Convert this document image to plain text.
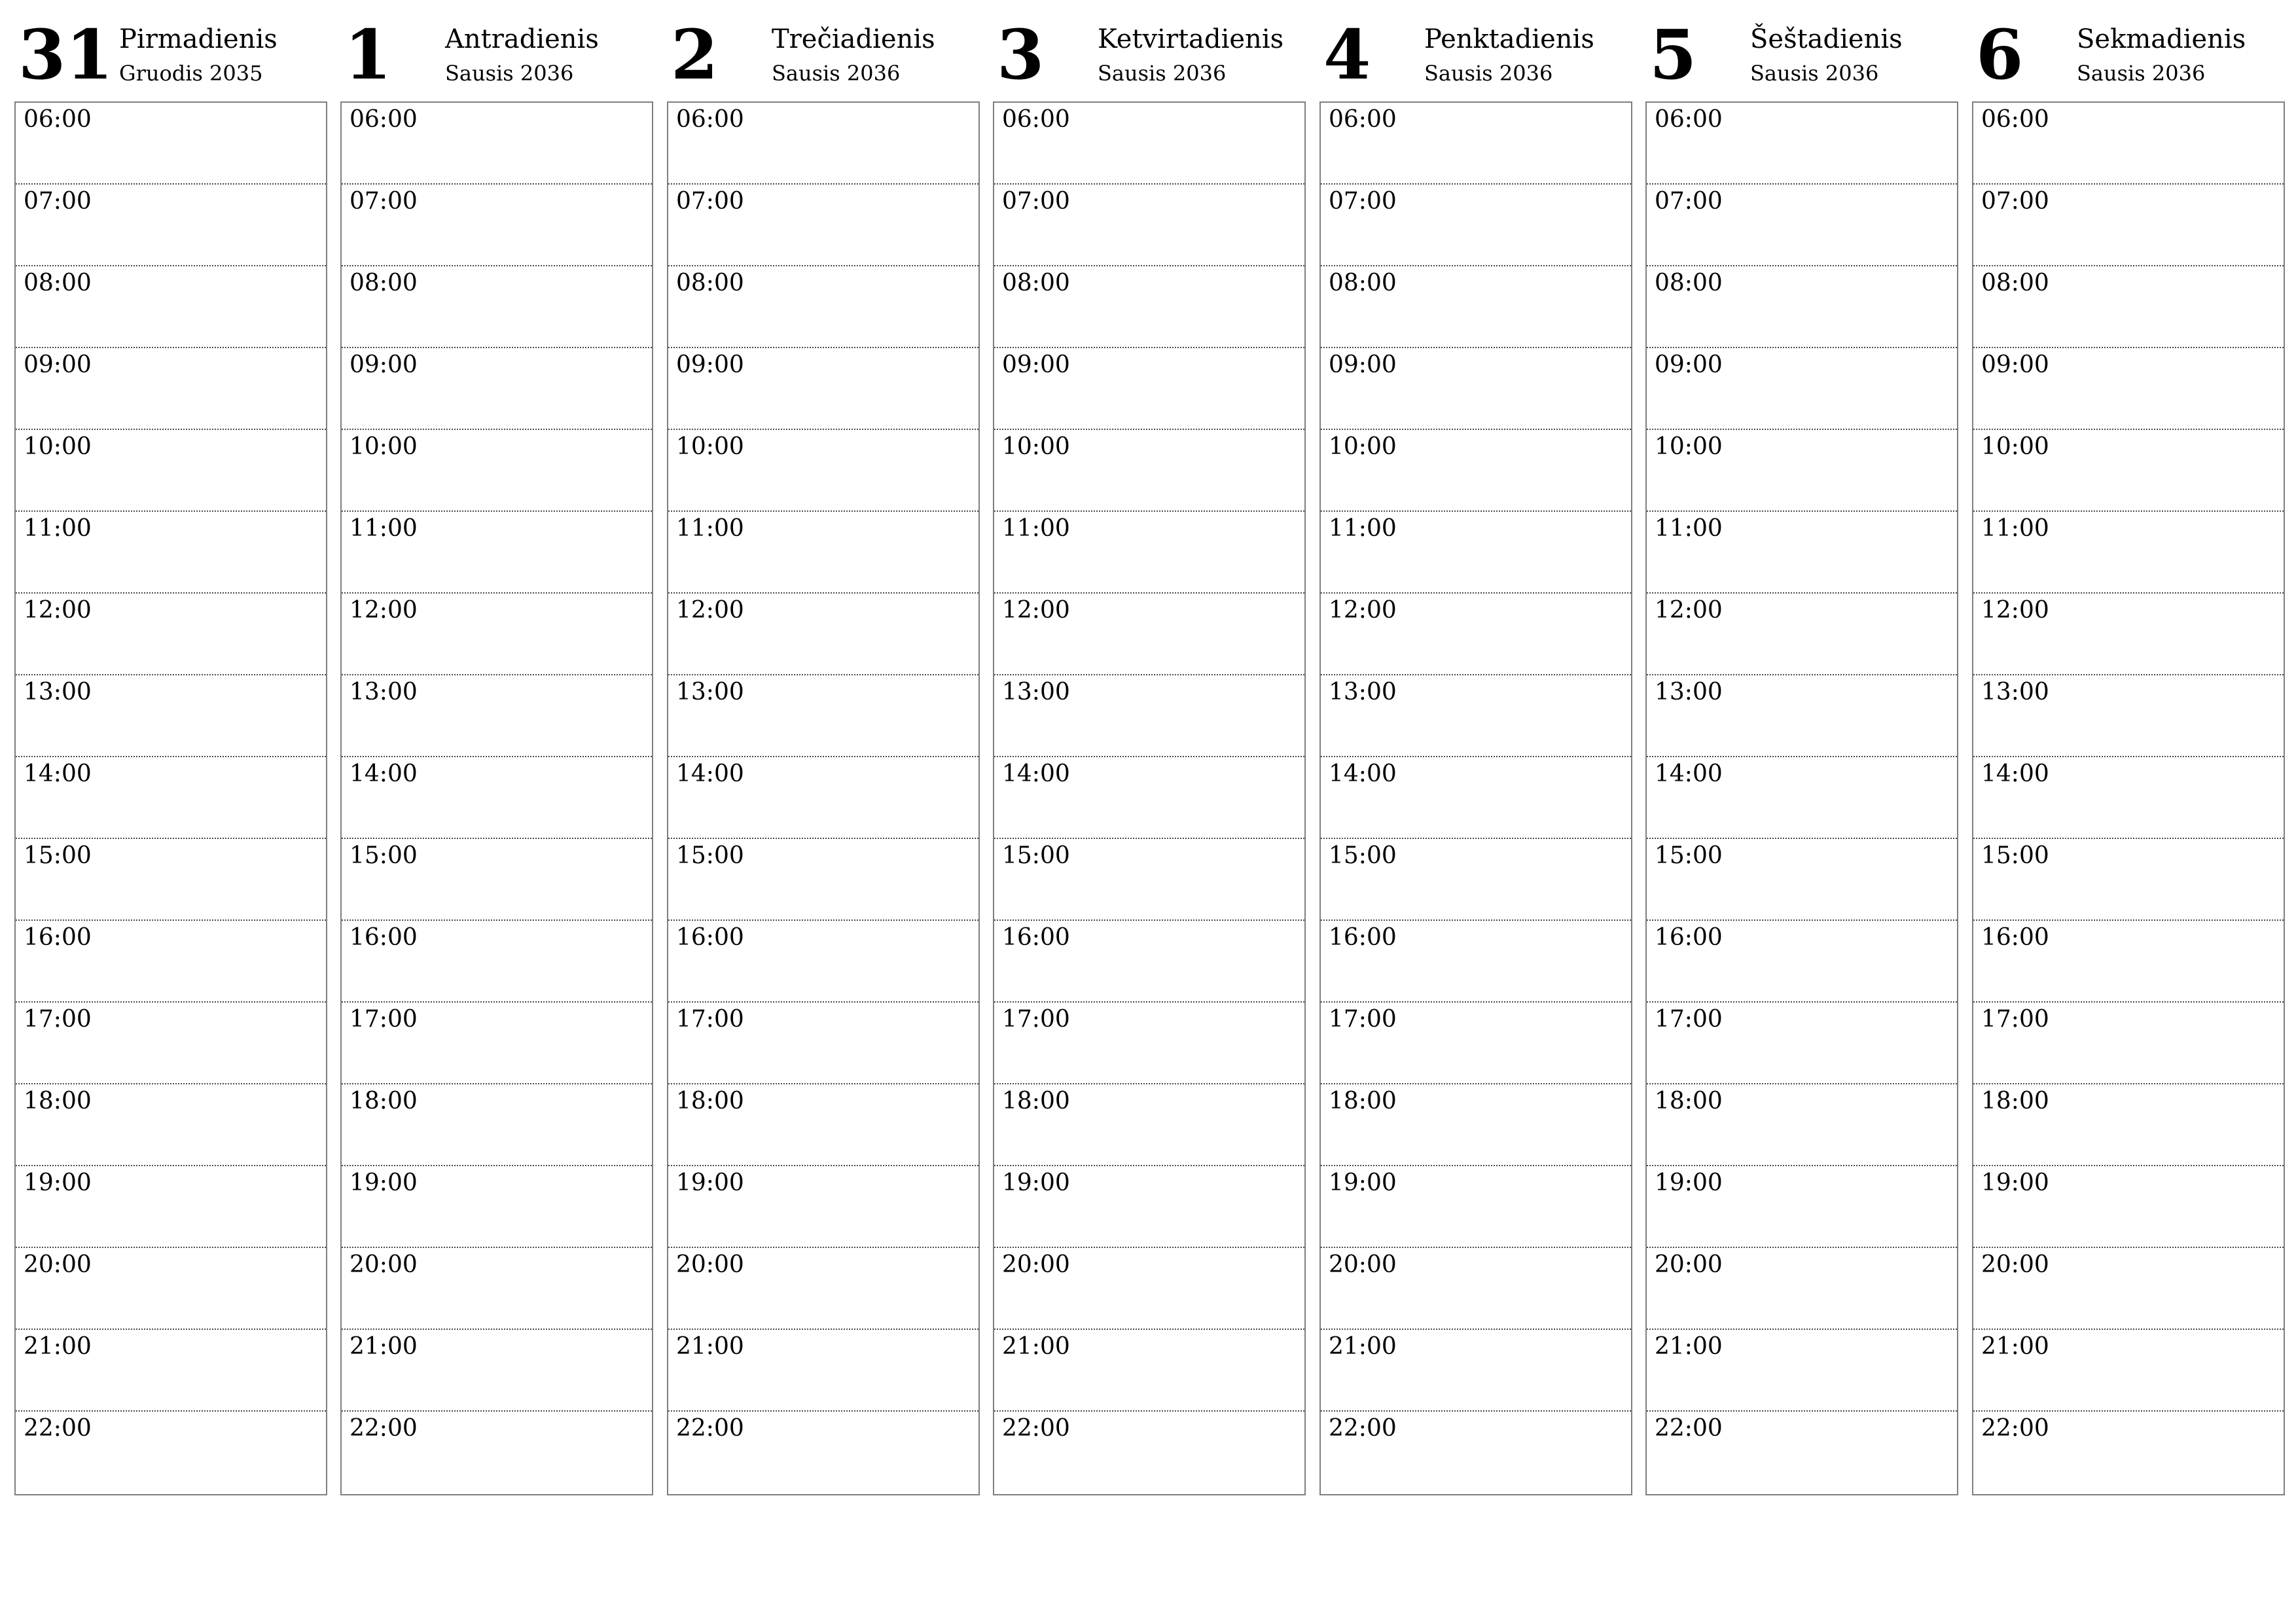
31 Pirmadienis
Gruodis 2035
06:00
07:00
08:00
09:00
10:00
11:00
12:00
13:00
14:00
15:00
16:00
17:00
18:00
19:00
20:00
21:00
22:00
1 Antradienis
Sausis 2036
06:00
07:00
08:00
09:00
10:00
11:00
12:00
13:00
14:00
15:00
16:00
17:00
18:00
19:00
20:00
21:00
22:00
2 Trečiadienis
Sausis 2036
06:00
07:00
08:00
09:00
10:00
11:00
12:00
13:00
14:00
15:00
16:00
17:00
18:00
19:00
20:00
21:00
22:00
3 Ketvirtadienis
Sausis 2036
06:00
07:00
08:00
09:00
10:00
11:00
12:00
13:00
14:00
15:00
16:00
17:00
18:00
19:00
20:00
21:00
22:00
4 Penktadienis
Sausis 2036
06:00
07:00
08:00
09:00
10:00
11:00
12:00
13:00
14:00
15:00
16:00
17:00
18:00
19:00
20:00
21:00
22:00
5 Šeštadienis
Sausis 2036
06:00
07:00
08:00
09:00
10:00
11:00
12:00
13:00
14:00
15:00
16:00
17:00
18:00
19:00
20:00
21:00
22:00
6 Sekmadienis
Sausis 2036
06:00
07:00
08:00
09:00
10:00
11:00
12:00
13:00
14:00
15:00
16:00
17:00
18:00
19:00
20:00
21:00
22:00
